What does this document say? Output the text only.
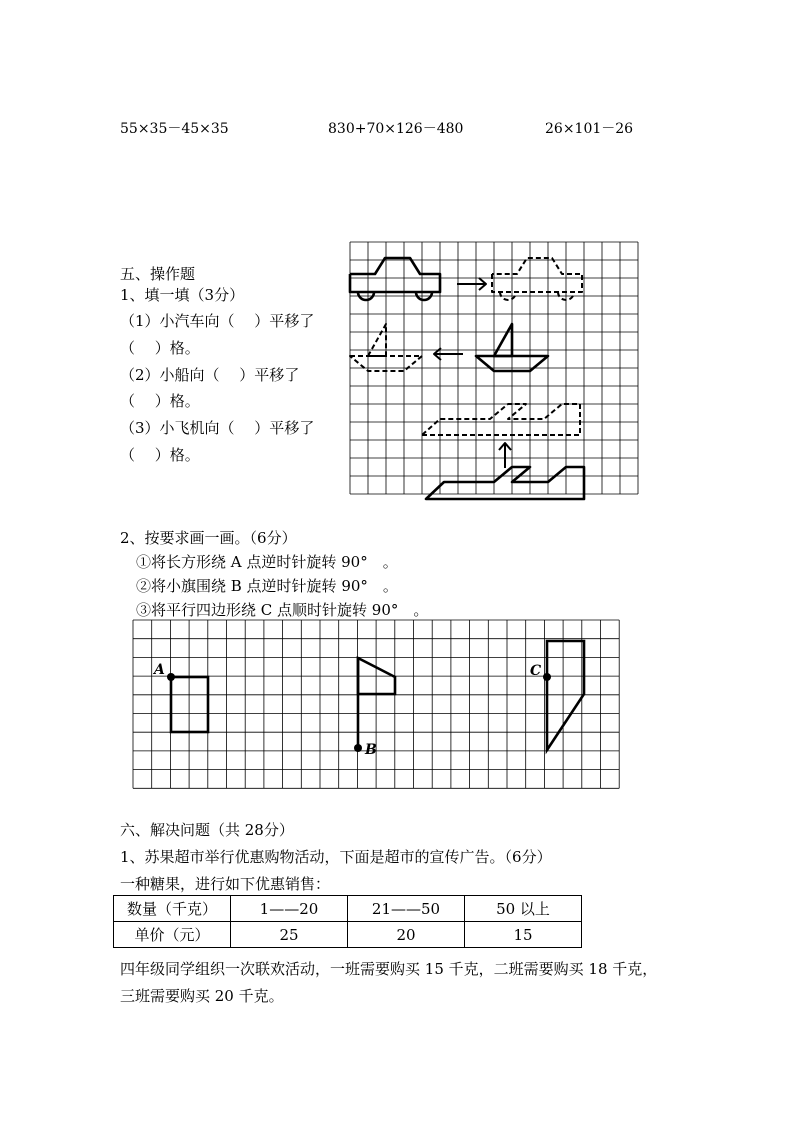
55×35－45×35	830+70×126－480	26×101－26
五、操作题
1、填一填（3分）
（1）小汽车向（　 ）平移了
（　 ）格。
（2）小船向（　 ）平移了
（　 ）格。
（3）小飞机向（　 ）平移了
（　 ）格。
2、按要求画一画。（6分）
①将长方形绕 A 点逆时针旋转 90°　。
②将小旗围绕 B 点逆时针旋转 90°　。
③将平行四边形绕 C 点顺时针旋转 90°　。
A
B
C
六、解决问题（共 28分）
1、苏果超市举行优惠购物活动，下面是超市的宣传广告。（6分）
一种糖果，进行如下优惠销售：
数量（千克）	1——20	21——50	50 以上
单价（元）	25	20	15
四年级同学组织一次联欢活动，一班需要购买 15 千克，二班需要购买 18 千克，
三班需要购买 20 千克。
